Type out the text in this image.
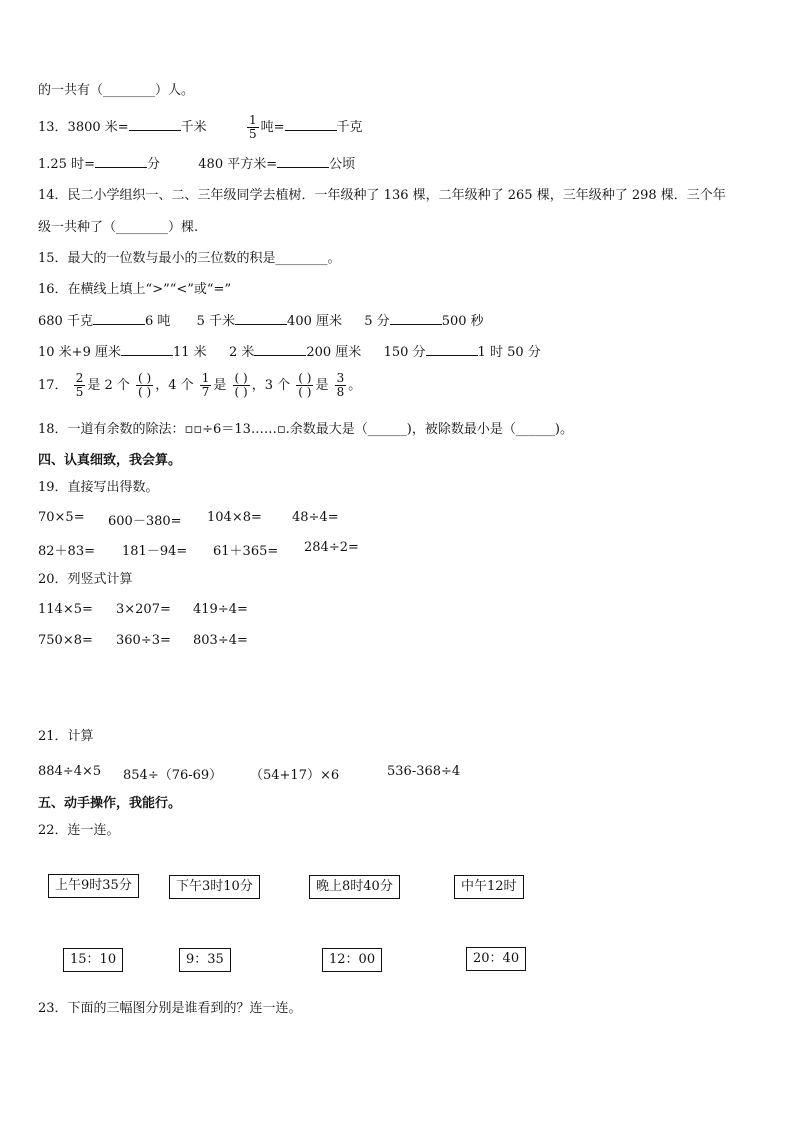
的一共有（________）人。
13．3800 米=	千米	$\frac{1}{5}$ 吨=	千克
1.25 时=	分	480 平方米=	公顷
14．民二小学组织一、二、三年级同学去植树．一年级种了 136 棵，二年级种了 265 棵，三年级种了 298 棵．三个年
级一共种了（________）棵.
15．最大的一位数与最小的三位数的积是________。
16．在横线上填上“>”“<”或“=”
680 千克	6 吨 5 千米	400 厘米 5 分	500 秒
10 米+9 厘米	11 米 2 米	200 厘米 150 分	1 时 50 分
17． $\frac{2}{5}$ 是 2 个 $\frac{( )}{( )}$ ，4 个 $\frac{1}{7}$ 是 $\frac{( )}{( )}$ ，3 个 $\frac{( )}{( )}$ 是 $\frac{3}{8}$ 。
18．一道有余数的除法：▫▫÷6＝13……▫.余数最大是（______)，被除数最小是（______)。
四、认真细致，我会算。
19．直接写出得数。
70×5= 600－380= 104×8= 48÷4=
82＋83= 181－94= 61＋365= 284÷2=
20．列竖式计算
114×5= 3×207= 419÷4=
750×8= 360÷3= 803÷4=
21．计算
884÷4×5 854÷（76-69） （54+17）×6	536-368÷4
五、动手操作，我能行。
22．连一连。
上午9时35分	下午3时10分	晚上8时40分	中午12时
15：10	9：35	12：00	20：40
23．下面的三幅图分别是谁看到的？连一连。
